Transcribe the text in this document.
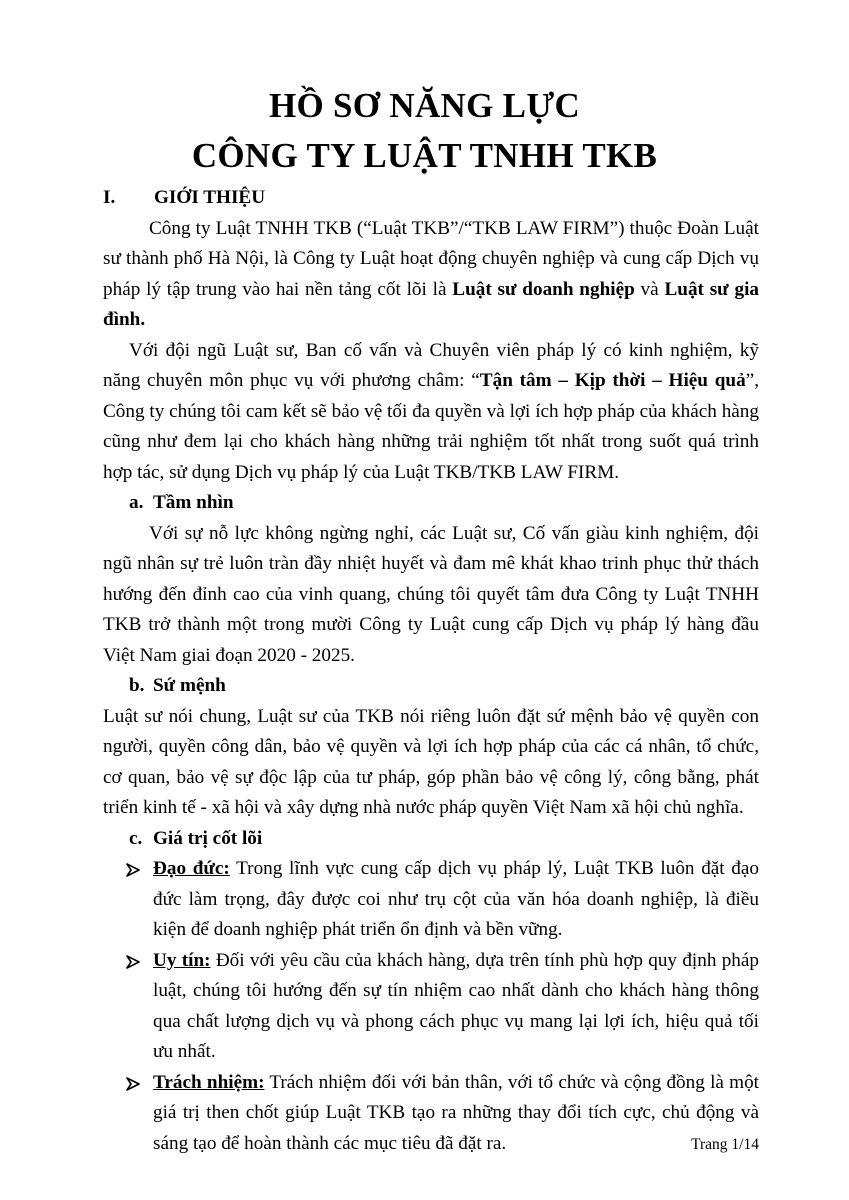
HỒ SƠ NĂNG LỰC
CÔNG TY LUẬT TNHH TKB

I. GIỚI THIỆU

Công ty Luật TNHH TKB (“Luật TKB”/“TKB LAW FIRM”) thuộc Đoàn Luật sư thành phố Hà Nội, là Công ty Luật hoạt động chuyên nghiệp và cung cấp Dịch vụ pháp lý tập trung vào hai nền tảng cốt lõi là Luật sư doanh nghiệp và Luật sư gia đình.

Với đội ngũ Luật sư, Ban cố vấn và Chuyên viên pháp lý có kinh nghiệm, kỹ năng chuyên môn phục vụ với phương châm: “Tận tâm – Kịp thời – Hiệu quả”, Công ty chúng tôi cam kết sẽ bảo vệ tối đa quyền và lợi ích hợp pháp của khách hàng cũng như đem lại cho khách hàng những trải nghiệm tốt nhất trong suốt quá trình hợp tác, sử dụng Dịch vụ pháp lý của Luật TKB/TKB LAW FIRM.

a. Tầm nhìn

Với sự nỗ lực không ngừng nghỉ, các Luật sư, Cố vấn giàu kinh nghiệm, đội ngũ nhân sự trẻ luôn tràn đầy nhiệt huyết và đam mê khát khao trinh phục thử thách hướng đến đỉnh cao của vinh quang, chúng tôi quyết tâm đưa Công ty Luật TNHH TKB trở thành một trong mười Công ty Luật cung cấp Dịch vụ pháp lý hàng đầu Việt Nam giai đoạn 2020 - 2025.

b. Sứ mệnh

Luật sư nói chung, Luật sư của TKB nói riêng luôn đặt sứ mệnh bảo vệ quyền con người, quyền công dân, bảo vệ quyền và lợi ích hợp pháp của các cá nhân, tổ chức, cơ quan, bảo vệ sự độc lập của tư pháp, góp phần bảo vệ công lý, công bằng, phát triển kinh tế - xã hội và xây dựng nhà nước pháp quyền Việt Nam xã hội chủ nghĩa.

c. Giá trị cốt lõi

Đạo đức: Trong lĩnh vực cung cấp dịch vụ pháp lý, Luật TKB luôn đặt đạo đức làm trọng, đây được coi như trụ cột của văn hóa doanh nghiệp, là điều kiện để doanh nghiệp phát triển ổn định và bền vững.

Uy tín: Đối với yêu cầu của khách hàng, dựa trên tính phù hợp quy định pháp luật, chúng tôi hướng đến sự tín nhiệm cao nhất dành cho khách hàng thông qua chất lượng dịch vụ và phong cách phục vụ mang lại lợi ích, hiệu quả tối ưu nhất.

Trách nhiệm: Trách nhiệm đối với bản thân, với tổ chức và cộng đồng là một giá trị then chốt giúp Luật TKB tạo ra những thay đổi tích cực, chủ động và sáng tạo để hoàn thành các mục tiêu đã đặt ra.	Trang 1/14
